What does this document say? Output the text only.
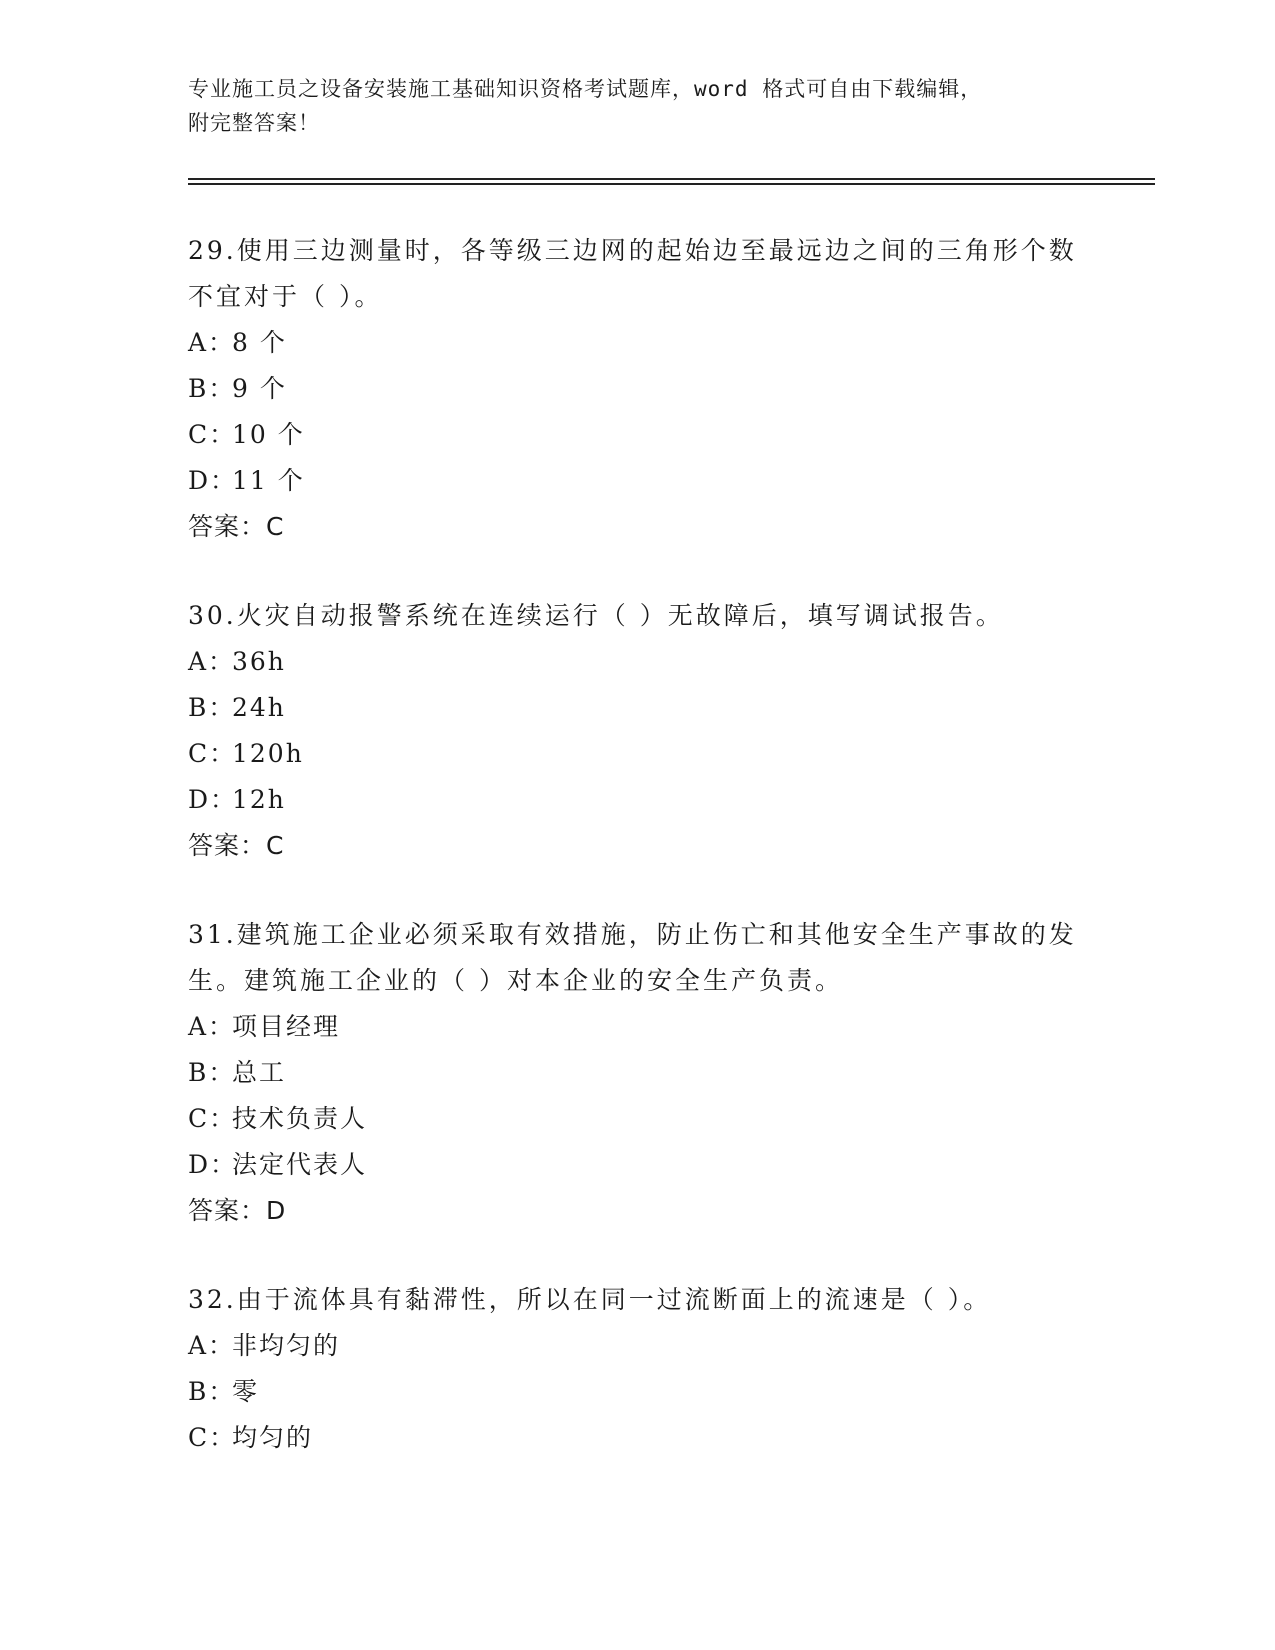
专业施工员之设备安装施工基础知识资格考试题库，word 格式可自由下载编辑，
附完整答案！
29.使用三边测量时，各等级三边网的起始边至最远边之间的三角形个数不宜对于（ ）。
A：
8 个
B：
9 个
C：
10 个
D：
11 个
答案：C
30.火灾自动报警系统在连续运行（ ）无故障后，填写调试报告。
A：
36h
B：
24h
C：
120h
D：
12h
答案：C
31.建筑施工企业必须采取有效措施，防止伤亡和其他安全生产事故的发生。建筑施工企业的（ ）对本企业的安全生产负责。
A：
项目经理
B：
总工
C：
技术负责人
D：
法定代表人
答案：D
32.由于流体具有黏滞性，所以在同一过流断面上的流速是（ ）。
A：
非均匀的
B：
零
C：
均匀的
